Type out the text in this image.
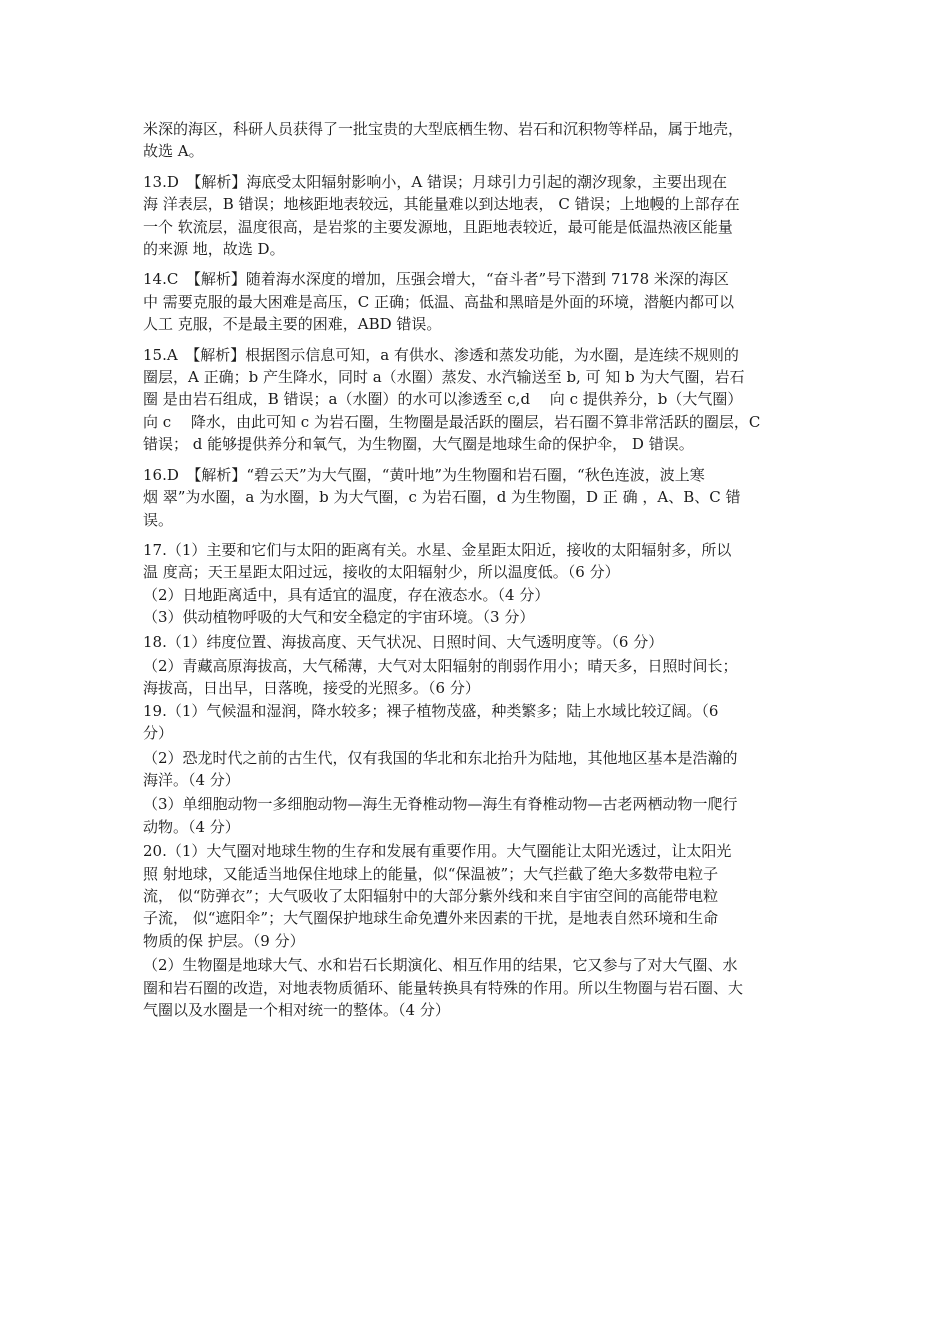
米深的海区，科研人员获得了一批宝贵的大型底栖生物、岩石和沉积物等样品，属于地壳，
故选 A。

13.D　【解析】海底受太阳辐射影响小，A 错误；月球引力引起的潮汐现象，主要出现在
海 洋表层，B 错误；地核距地表较远，其能量难以到达地表， C 错误；上地幔的上部存在
一个 软流层，温度很高，是岩浆的主要发源地，且距地表较近，最可能是低温热液区能量
的来源 地，故选 D。

14.C　【解析】随着海水深度的增加，压强会增大，“奋斗者”号下潜到 7178 米深的海区
中 需要克服的最大困难是高压，C 正确；低温、高盐和黑暗是外面的环境，潜艇内都可以
人工 克服，不是最主要的困难，ABD 错误。

15.A　【解析】根据图示信息可知，a 有供水、渗透和蒸发功能，为水圈，是连续不规则的
圈层，A 正确；b 产生降水，同时 a（水圈）蒸发、水汽输送至 b, 可 知 b 为大气圈，岩石
圈 是由岩石组成，B 错误；a（水圈）的水可以渗透至 c,d　 向 c 提供养分，b（大气圈）
向 c　 降水，由此可知 c 为岩石圈，生物圈是最活跃的圈层，岩石圈不算非常活跃的圈层，C
错误； d 能够提供养分和氧气，为生物圈，大气圈是地球生命的保护伞， D 错误。

16.D　【解析】“碧云天”为大气圈，“黄叶地”为生物圈和岩石圈，“秋色连波，波上寒
烟 翠”为水圈，a 为水圈，b 为大气圈，c 为岩石圈，d 为生物圈，D 正 确 ，A、B、C 错
误。

17.（1）主要和它们与太阳的距离有关。水星、金星距太阳近，接收的太阳辐射多，所以
温 度高；天王星距太阳过远，接收的太阳辐射少，所以温度低。（6 分）

（2）日地距离适中，具有适宜的温度，存在液态水。（4 分）

（3）供动植物呼吸的大气和安全稳定的宇宙环境。（3 分）

18.（1）纬度位置、海拔高度、天气状况、日照时间、大气透明度等。（6 分）

（2）青藏高原海拔高，大气稀薄，大气对太阳辐射的削弱作用小；晴天多，日照时间长；
海拔高，日出早，日落晚，接受的光照多。（6 分）

19.（1）气候温和湿润，降水较多；裸子植物茂盛，种类繁多；陆上水域比较辽阔。（6
分）

（2）恐龙时代之前的古生代，仅有我国的华北和东北抬升为陆地，其他地区基本是浩瀚的
海洋。（4 分）

（3）单细胞动物一多细胞动物—海生无脊椎动物—海生有脊椎动物—古老两栖动物一爬行
动物。（4 分）

20.（1）大气圈对地球生物的生存和发展有重要作用。大气圈能让太阳光透过，让太阳光
照 射地球，又能适当地保住地球上的能量，似“保温被”；大气拦截了绝大多数带电粒子
流， 似“防弹衣”；大气吸收了太阳辐射中的大部分紫外线和来自宇宙空间的高能带电粒
子流， 似“遮阳伞”；大气圈保护地球生命免遭外来因素的干扰，是地表自然环境和生命
物质的保 护层。（9 分）

（2）生物圈是地球大气、水和岩石长期演化、相互作用的结果，它又参与了对大气圈、水
圈和岩石圈的改造，对地表物质循环、能量转换具有特殊的作用。所以生物圈与岩石圈、大
气圈以及水圈是一个相对统一的整体。（4 分）
